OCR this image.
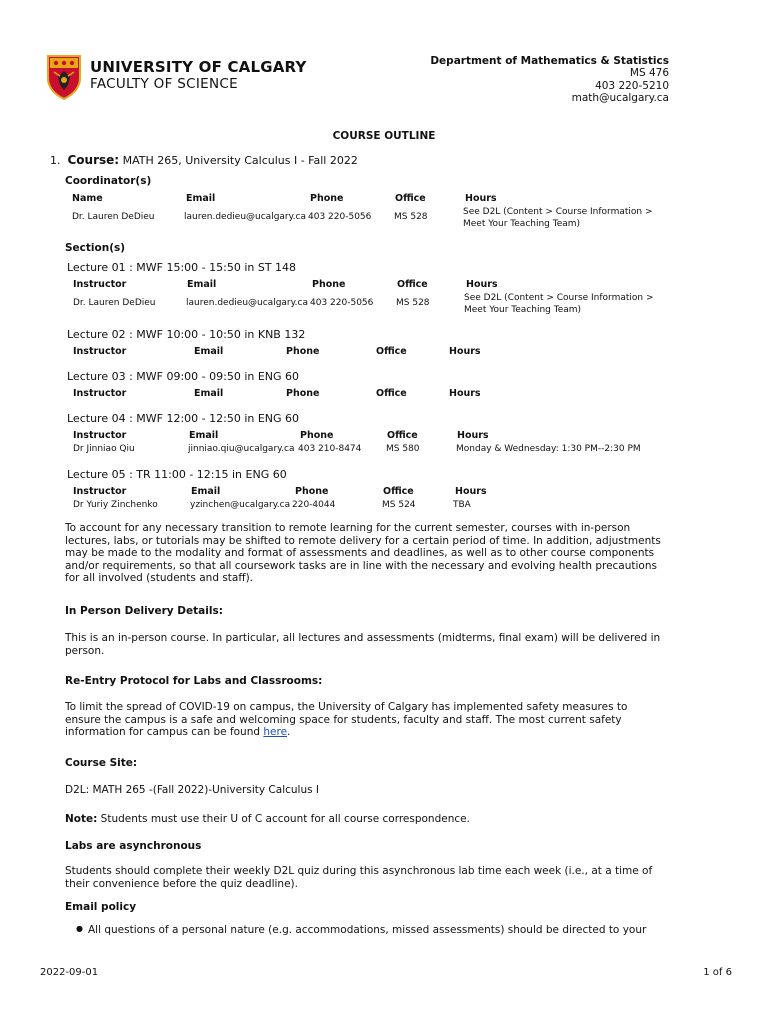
UNIVERSITY OF CALGARY
FACULTY OF SCIENCE
Department of Mathematics & Statistics
MS 476
403 220-5210
math@ucalgary.ca
COURSE OUTLINE
1. Course: MATH 265, University Calculus I - Fall 2022
Coordinator(s)
Name	Email	Phone	Office	Hours
Dr. Lauren DeDieu	lauren.dedieu@ucalgary.ca 403 220-5056	MS 528	See D2L (Content > Course Information >
Meet Your Teaching Team)
Section(s)
Lecture 01 : MWF 15:00 - 15:50 in ST 148
Instructor	Email	Phone	Office	Hours
Dr. Lauren DeDieu	lauren.dedieu@ucalgary.ca 403 220-5056	MS 528	See D2L (Content > Course Information >
Meet Your Teaching Team)
Lecture 02 : MWF 10:00 - 10:50 in KNB 132
Instructor	Email	Phone	Office	Hours
Lecture 03 : MWF 09:00 - 09:50 in ENG 60
Instructor	Email	Phone	Office	Hours
Lecture 04 : MWF 12:00 - 12:50 in ENG 60
Instructor	Email	Phone	Office	Hours
Dr Jinniao Qiu	jinniao.qiu@ucalgary.ca 403 210-8474	MS 580	Monday & Wednesday: 1:30 PM--2:30 PM
Lecture 05 : TR 11:00 - 12:15 in ENG 60
Instructor	Email	Phone	Office	Hours
Dr Yuriy Zinchenko	yzinchen@ucalgary.ca 220-4044	MS 524	TBA
To account for any necessary transition to remote learning for the current semester, courses with in-person
lectures, labs, or tutorials may be shifted to remote delivery for a certain period of time. In addition, adjustments
may be made to the modality and format of assessments and deadlines, as well as to other course components
and/or requirements, so that all coursework tasks are in line with the necessary and evolving health precautions
for all involved (students and staff).
In Person Delivery Details:
This is an in-person course. In particular, all lectures and assessments (midterms, final exam) will be delivered in
person.
Re-Entry Protocol for Labs and Classrooms:
To limit the spread of COVID-19 on campus, the University of Calgary has implemented safety measures to
ensure the campus is a safe and welcoming space for students, faculty and staff. The most current safety
information for campus can be found here.
Course Site:
D2L: MATH 265 -(Fall 2022)-University Calculus I
Note: Students must use their U of C account for all course correspondence.
Labs are asynchronous
Students should complete their weekly D2L quiz during this asynchronous lab time each week (i.e., at a time of
their convenience before the quiz deadline).
Email policy
● All questions of a personal nature (e.g. accommodations, missed assessments) should be directed to your
2022-09-01	1 of 6
